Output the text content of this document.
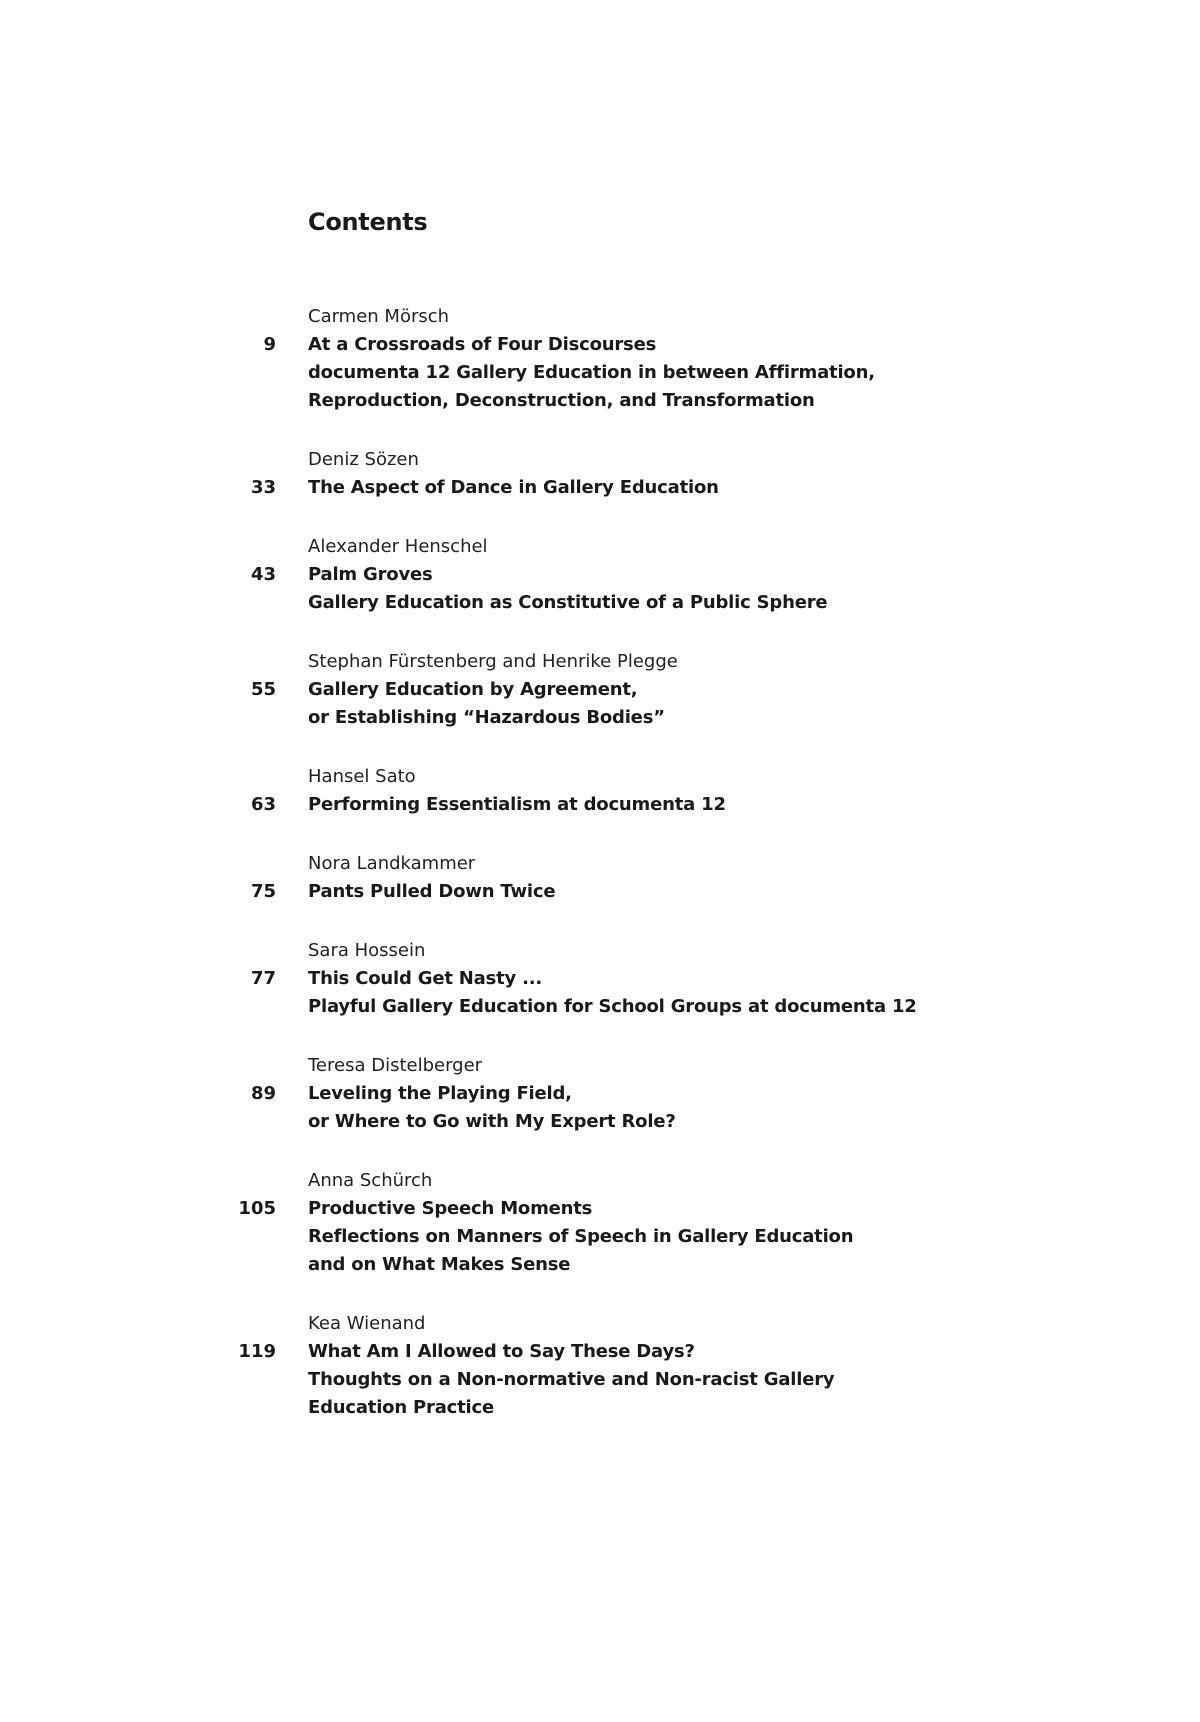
Contents
Carmen Mörsch
9 At a Crossroads of Four Discourses
documenta 12 Gallery Education in between Affirmation,
Reproduction, Deconstruction, and Transformation
Deniz Sözen
33 The Aspect of Dance in Gallery Education
Alexander Henschel
43 Palm Groves
Gallery Education as Constitutive of a Public Sphere
Stephan Fürstenberg and Henrike Plegge
55 Gallery Education by Agreement,
or Establishing “Hazardous Bodies”
Hansel Sato
63 Performing Essentialism at documenta 12
Nora Landkammer
75 Pants Pulled Down Twice
Sara Hossein
77 This Could Get Nasty ...
Playful Gallery Education for School Groups at documenta 12
Teresa Distelberger
89 Leveling the Playing Field,
or Where to Go with My Expert Role?
Anna Schürch
105 Productive Speech Moments
Reflections on Manners of Speech in Gallery Education
and on What Makes Sense
Kea Wienand
119 What Am I Allowed to Say These Days?
Thoughts on a Non-normative and Non-racist Gallery
Education Practice
